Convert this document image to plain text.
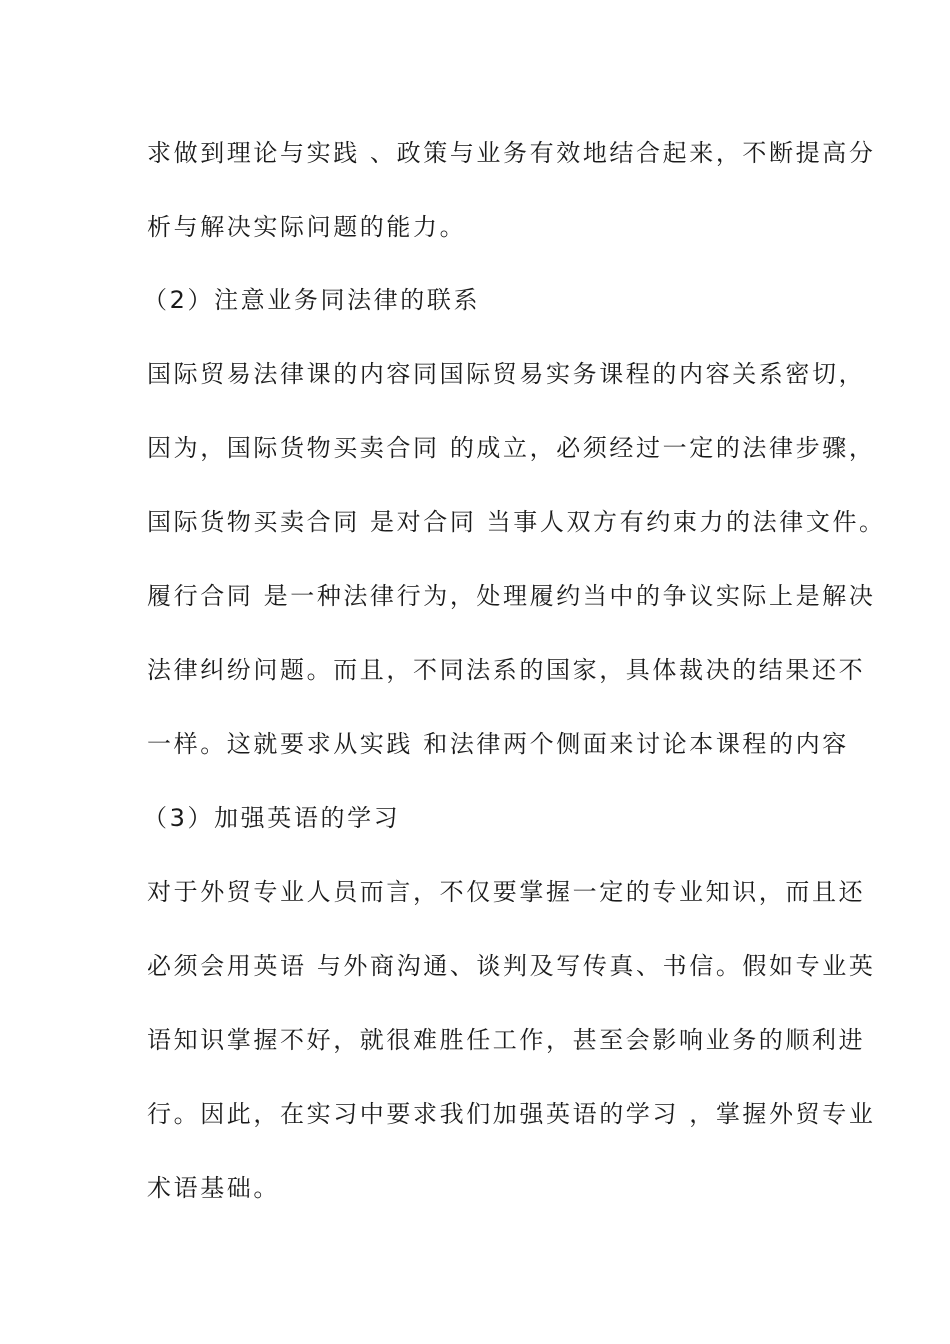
求做到理论与实践 、政策与业务有效地结合起来，不断提高分
析与解决实际问题的能力。
（2）注意业务同法律的联系
国际贸易法律课的内容同国际贸易实务课程的内容关系密切，
因为，国际货物买卖合同 的成立，必须经过一定的法律步骤，
国际货物买卖合同 是对合同 当事人双方有约束力的法律文件。
履行合同 是一种法律行为，处理履约当中的争议实际上是解决
法律纠纷问题。而且，不同法系的国家，具体裁决的结果还不
一样。这就要求从实践 和法律两个侧面来讨论本课程的内容
（3）加强英语的学习
对于外贸专业人员而言，不仅要掌握一定的专业知识，而且还
必须会用英语 与外商沟通、谈判及写传真、书信。假如专业英
语知识掌握不好，就很难胜任工作，甚至会影响业务的顺利进
行。因此，在实习中要求我们加强英语的学习 ，掌握外贸专业
术语基础。
